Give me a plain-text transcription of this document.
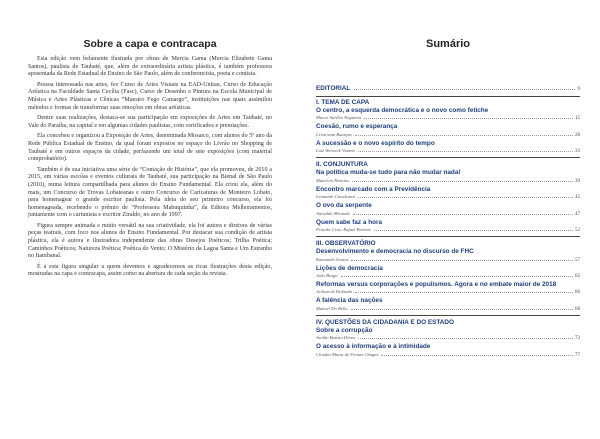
Sobre a capa e contracapa

Esta edição vem belamente ilustrada por obras de Mercia Gama (Mercia Elizabete Gama Santos), paulista de Taubaté, que, além de extraordinária artista plástica, é também professora aposentada da Rede Estadual de Ensino de São Paulo, além de conferencista, poeta e contista.

Pessoa interessada nas artes, fez Curso de Artes Visuais na EAD-Unitau, Curso de Educação Artística na Faculdade Santa Cecília (Fasc), Curso de Desenho e Pintura na Escola Municipal de Música e Artes Plásticas e Cênicas “Maestro Fego Camargo”, instituições nas quais assimilou métodos e formas de transformar suas emoções em obras artísticas.

Dentre suas realizações, destaca-se sua participação em exposições de Artes em Taubaté, no Vale do Paraíba, na capital e em algumas cidades paulistas, com certificados e premiações.

Ela concebeu e organizou a Exposição de Artes, denominada Mosaico, com alunos do 5º ano da Rede Pública Estadual de Ensino, da qual foram expostos no espaço do Livrão no Shopping de Taubaté e em outros espaços da cidade, perfazendo um total de sete exposições (com material comprobatório).

Também é de sua iniciativa uma série de “Contação de História”, que ela promoveu, de 2010 a 2015, em várias escolas e eventos culturais de Taubaté, sua participação na Bienal de São Paulo (2010), numa leitura compartilhada para alunos do Ensino Fundamental. Ela criou ela, além do mais, um Concurso de Trovas Lobateanas e outro Concurso de Caricaturas de Monteiro Lobato, para homenagear o grande escritor paulista. Pela ideia do seu primeiro concurso, ela foi homenageada, recebendo o prêmio de “Professora Mahuquinha”, da Editora Melhoramentos, juntamente com o cartunista e escritor Ziraldo, no ano de 1997.

Figura sempre animada e muito versátil na sua criatividade, ela foi autora e diretora de várias peças teatrais, com foco nos alunos do Ensino Fundamental. Por destacar sua condição de artista plástica, ela é autora e ilustradora independente das obras Desejos Poéticos; Trilha Poética; Caminhos Poéticos; Natureza Poética; Poética do Vento; O Mistério da Lagoa Santa e Um Estranho no Itambanal.

É a esta figura singular a quem devemos e agradecemos as ricas ilustrações desta edição, mostradas na capa e contracapa, assim como na abertura de cada seção da revista.

Sumário
EDITORIAL	9
I. TEMA DE CAPA
O centro, a esquerda democrática e o novo como fetiche
Marco Aurélio Nogueira	15
Coesão, rumo e esperança
Cristovam Buarque	28
A sucessão e o novo espírito do tempo
Luiz Werneck Vianna	33
II. CONJUNTURA
Na política muda-se tudo para não mudar nada!
Maurício Huertas	39
Encontro marcado com a Previdência
Leonardo Cavalcanti	45
O ovo da serpente
Anivaldo Miranda	47
Quem sabe faz a hora
Priscila Cruz; Rafael Parente	52
III. OBSERVATÓRIO
Desenvolvimento e democracia no discurso de FHC
Raimundo Santos	57
Lições de democracia
João Braga	62
Reformas versus corporações e populismos. Agora e no embate maior de 2018
Joilson de Holanda	66
A falência das nações
Manoel Do Bello	68
IV. QUESTÕES DA CIDADANIA E DO ESTADO
Sobre a corrupção
Aroldo Batista Dórea	73
O acesso à informação e à intimidade
Claudia Maria de Freitas Chagas	77
